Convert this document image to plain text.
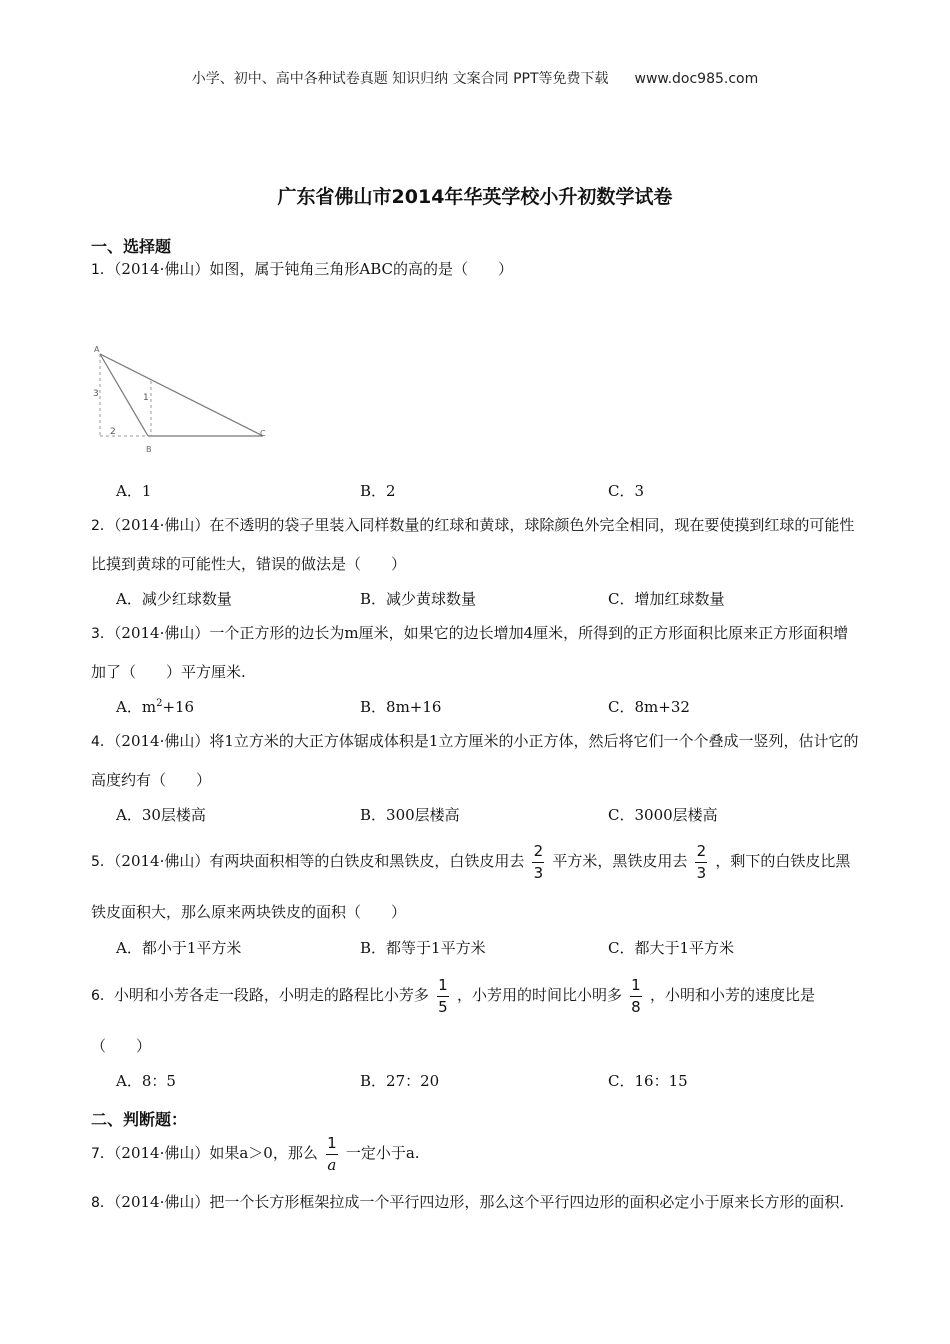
小学、初中、高中各种试卷真题 知识归纳 文案合同 PPT等免费下载 www.doc985.com
广东省佛山市2014年华英学校小升初数学试卷
一、选择题
1．（2014·佛山）如图，属于钝角三角形ABC的高的是（　　）
A
B
C
1
2
3
A．1	B．2	C．3
2．（2014·佛山）在不透明的袋子里装入同样数量的红球和黄球，球除颜色外完全相同，现在要使摸到红球的可能性比摸到黄球的可能性大，错误的做法是（　　）
A．减少红球数量	B．减少黄球数量	C．增加红球数量
3．（2014·佛山）一个正方形的边长为m厘米，如果它的边长增加4厘米，所得到的正方形面积比原来正方形面积增加了（　　）平方厘米.
A．$m^2+16$	B．8m+16	C．8m+32
4．（2014·佛山）将1立方米的大正方体锯成体积是1立方厘米的小正方体，然后将它们一个个叠成一竖列，估计它的高度约有（　　）
A．30层楼高	B．300层楼高	C．3000层楼高
5．（2014·佛山）有两块面积相等的白铁皮和黑铁皮，白铁皮用去 $\frac{2}{3}$ 平方米，黑铁皮用去 $\frac{2}{3}$ ，剩下的白铁皮比黑铁皮面积大，那么原来两块铁皮的面积（　　）
A．都小于1平方米	B．都等于1平方米	C．都大于1平方米
6．小明和小芳各走一段路，小明走的路程比小芳多 $\frac{1}{5}$ ，小芳用的时间比小明多 $\frac{1}{8}$ ，小明和小芳的速度比是（　　）
A．8：5	B．27：20	C．16：15
二、判断题：
7．（2014·佛山）如果a＞0，那么 $\frac{1}{a}$ 一定小于a.
8．（2014·佛山）把一个长方形框架拉成一个平行四边形，那么这个平行四边形的面积必定小于原来长方形的面积.
